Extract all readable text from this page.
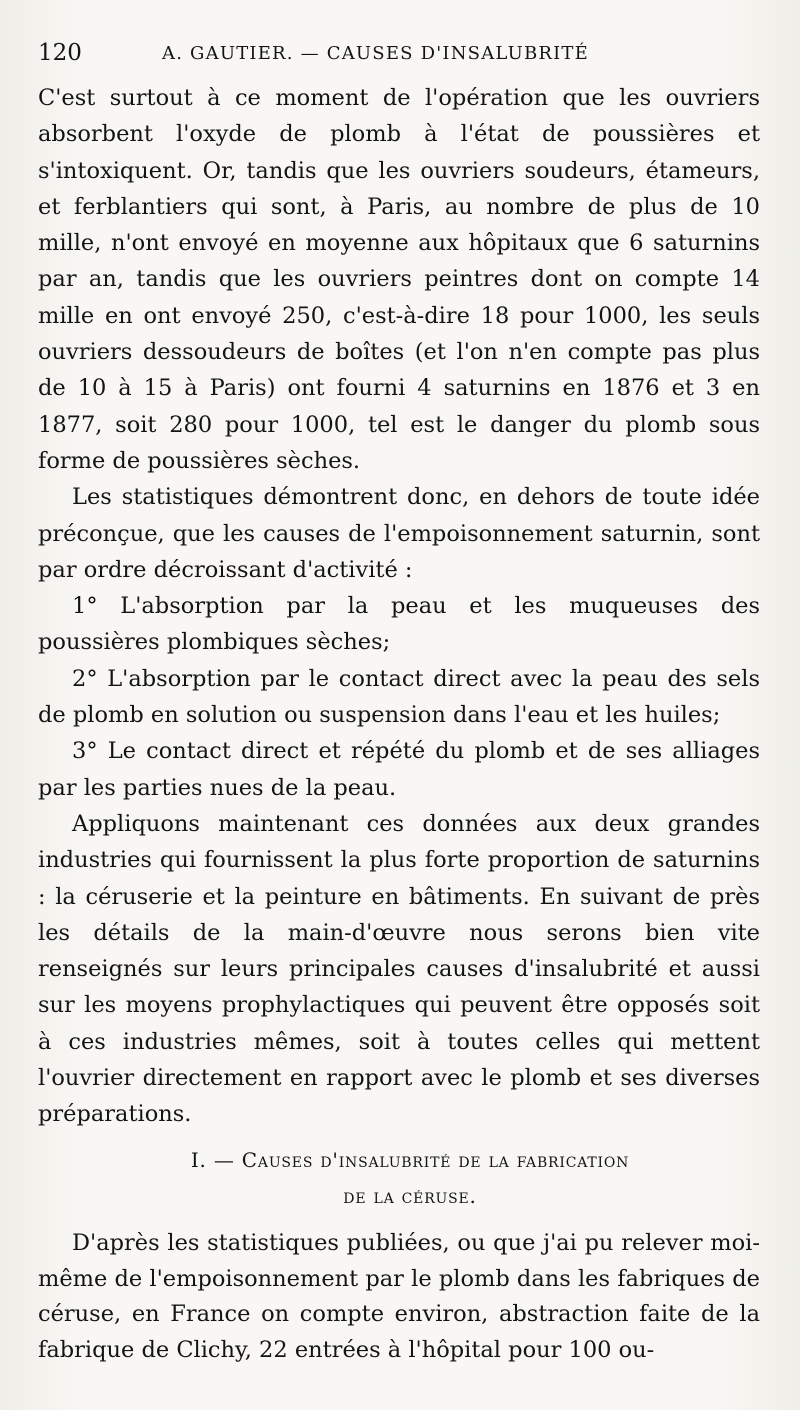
120	A. GAUTIER. — CAUSES D'INSALUBRITÉ

C'est surtout à ce moment de l'opération que les ouvriers absorbent l'oxyde de plomb à l'état de poussières et s'intoxiquent. Or, tandis que les ouvriers soudeurs, étameurs, et ferblantiers qui sont, à Paris, au nombre de plus de 10 mille, n'ont envoyé en moyenne aux hôpitaux que 6 saturnins par an, tandis que les ouvriers peintres dont on compte 14 mille en ont envoyé 250, c'est-à-dire 18 pour 1000, les seuls ouvriers dessoudeurs de boîtes (et l'on n'en compte pas plus de 10 à 15 à Paris) ont fourni 4 saturnins en 1876 et 3 en 1877, soit 280 pour 1000, tel est le danger du plomb sous forme de poussières sèches.

Les statistiques démontrent donc, en dehors de toute idée préconçue, que les causes de l'empoisonnement saturnin, sont par ordre décroissant d'activité :

1° L'absorption par la peau et les muqueuses des poussières plombiques sèches;

2° L'absorption par le contact direct avec la peau des sels de plomb en solution ou suspension dans l'eau et les huiles;

3° Le contact direct et répété du plomb et de ses alliages par les parties nues de la peau.

Appliquons maintenant ces données aux deux grandes industries qui fournissent la plus forte proportion de saturnins : la céruserie et la peinture en bâtiments. En suivant de près les détails de la main-d'œuvre nous serons bien vite renseignés sur leurs principales causes d'insalubrité et aussi sur les moyens prophylactiques qui peuvent être opposés soit à ces industries mêmes, soit à toutes celles qui mettent l'ouvrier directement en rapport avec le plomb et ses diverses préparations.

I. — Causes d'insalubrité de la fabrication
de la céruse.

D'après les statistiques publiées, ou que j'ai pu relever moi-même de l'empoisonnement par le plomb dans les fabriques de céruse, en France on compte environ, abstraction faite de la fabrique de Clichy, 22 entrées à l'hôpital pour 100 ou-
